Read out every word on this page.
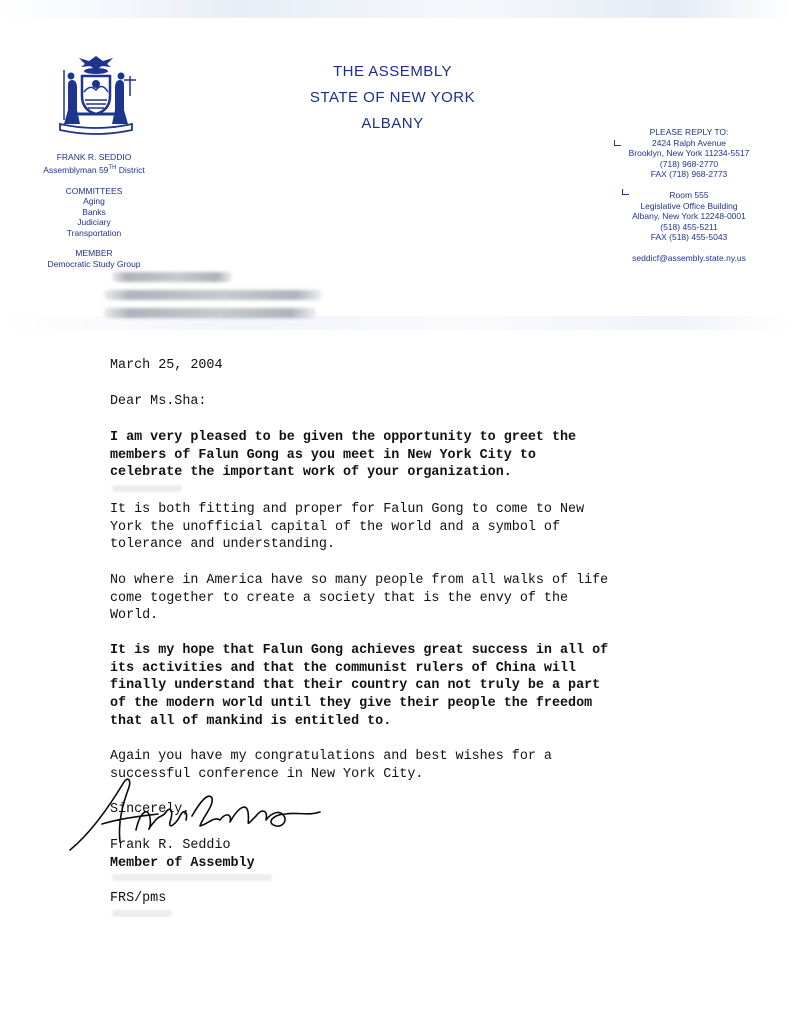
THE ASSEMBLY
STATE OF NEW YORK
ALBANY
FRANK R. SEDDIO
Assemblyman 59TH District
COMMITTEES
Aging
Banks
Judiciary
Transportation
MEMBER
Democratic Study Group
PLEASE REPLY TO:
2424 Ralph Avenue
Brooklyn, New York 11234-5517
(718) 968-2770
FAX (718) 968-2773
Room 555
Legislative Office Building
Albany, New York 12248-0001
(518) 455-5211
FAX (518) 455-5043
seddicf@assembly.state.ny.us
March 25, 2004
Dear Ms.Sha:
I am very pleased to be given the opportunity to greet the
members of Falun Gong as you meet in New York City to
celebrate the important work of your organization.
It is both fitting and proper for Falun Gong to come to New
York the unofficial capital of the world and a symbol of
tolerance and understanding.
No where in America have so many people from all walks of life
come together to create a society that is the envy of the
World.
It is my hope that Falun Gong achieves great success in all of
its activities and that the communist rulers of China will
finally understand that their country can not truly be a part
of the modern world until they give their people the freedom
that all of mankind is entitled to.
Again you have my congratulations and best wishes for a
successful conference in New York City.
Sincerely,
Frank R. Seddio
Member of Assembly
FRS/pms
